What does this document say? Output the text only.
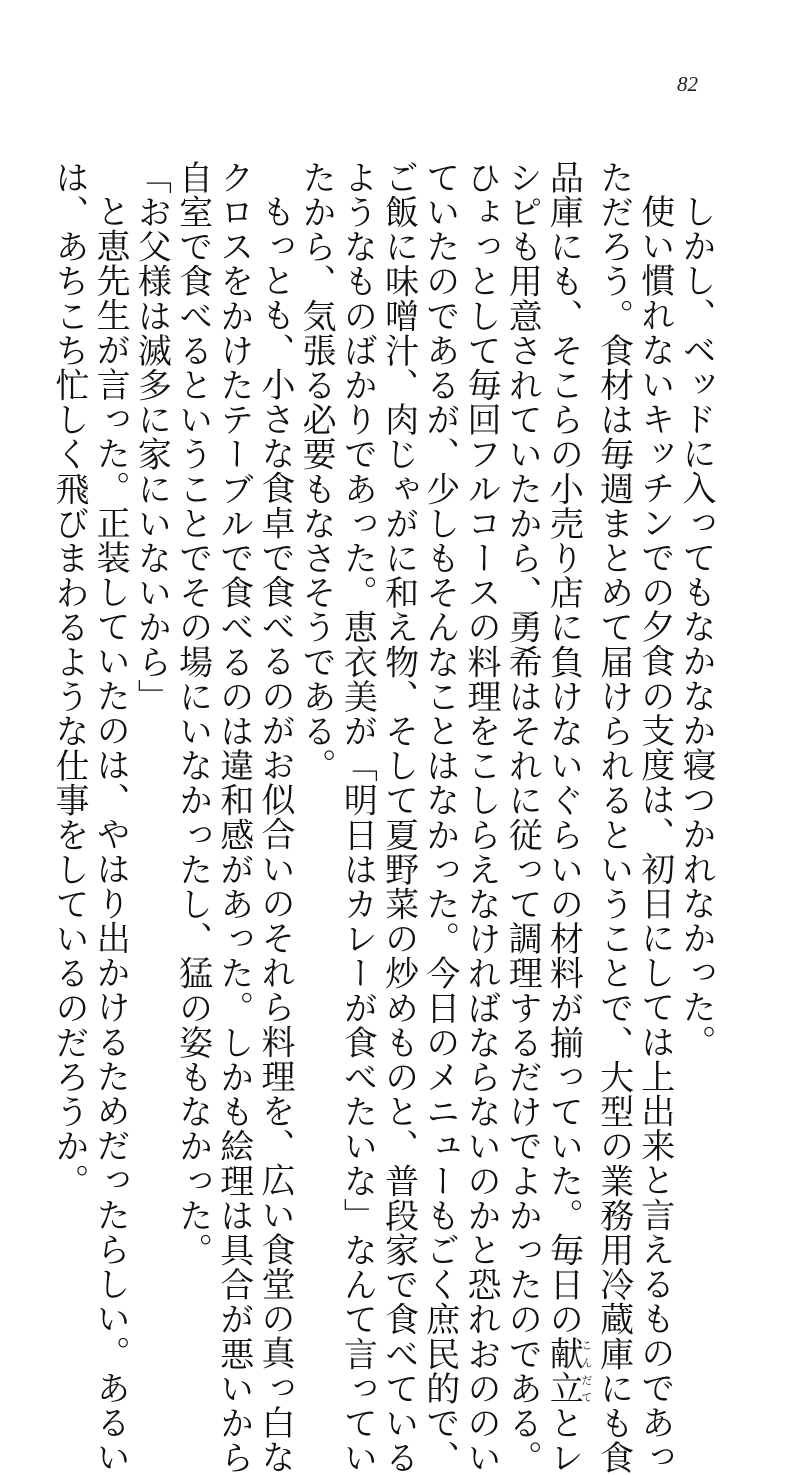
82
しかし、ベッドに入ってもなかなか寝つかれなかった。
使い慣れないキッチンでの夕食の支度は、初日にしては上出来と言えるものであっ
ただろう。食材は毎週まとめて届けられるということで、大型の業務用冷蔵庫にも食
品庫にも、そこらの小売り店に負けないぐらいの材料が揃っていた。毎日の献立こんだてとレ
シピも用意されていたから、勇希はそれに従って調理するだけでよかったのである。
ひょっとして毎回フルコースの料理をこしらえなければならないのかと恐れおののい
ていたのであるが、少しもそんなことはなかった。今日のメニューもごく庶民的で、
ご飯に味噌汁、肉じゃがに和え物、そして夏野菜の炒めものと、普段家で食べている
ようなものばかりであった。恵衣美が「明日はカレーが食べたいな」なんて言ってい
たから、気張る必要もなさそうである。
もっとも、小さな食卓で食べるのがお似合いのそれら料理を、広い食堂の真っ白な
クロスをかけたテーブルで食べるのは違和感があった。しかも絵理は具合が悪いから
自室で食べるということでその場にいなかったし、猛の姿もなかった。
「お父様は滅多に家にいないから」
と恵先生が言った。正装していたのは、やはり出かけるためだったらしい。あるい
は、あちこち忙しく飛びまわるような仕事をしているのだろうか。
